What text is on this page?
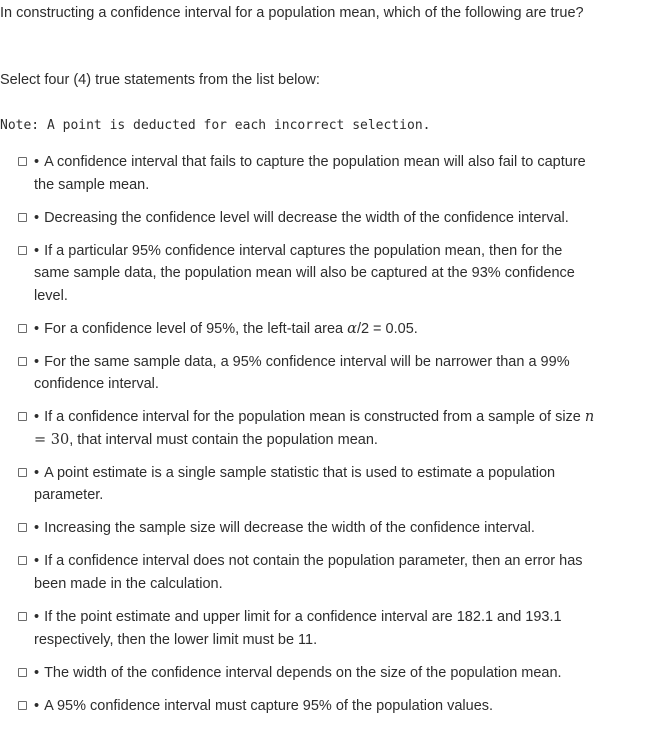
In constructing a confidence interval for a population mean, which of the following are true?
Select four (4) true statements from the list below:
Note: A point is deducted for each incorrect selection.
• A confidence interval that fails to capture the population mean will also fail to capture the sample mean.
• Decreasing the confidence level will decrease the width of the confidence interval.
• If a particular 95% confidence interval captures the population mean, then for the same sample data, the population mean will also be captured at the 93% confidence level.
• For a confidence level of 95%, the left-tail area α/2 = 0.05.
• For the same sample data, a 95% confidence interval will be narrower than a 99% confidence interval.
• If a confidence interval for the population mean is constructed from a sample of size n = 30, that interval must contain the population mean.
• A point estimate is a single sample statistic that is used to estimate a population parameter.
• Increasing the sample size will decrease the width of the confidence interval.
• If a confidence interval does not contain the population parameter, then an error has been made in the calculation.
• If the point estimate and upper limit for a confidence interval are 182.1 and 193.1 respectively, then the lower limit must be 11.
• The width of the confidence interval depends on the size of the population mean.
• A 95% confidence interval must capture 95% of the population values.
